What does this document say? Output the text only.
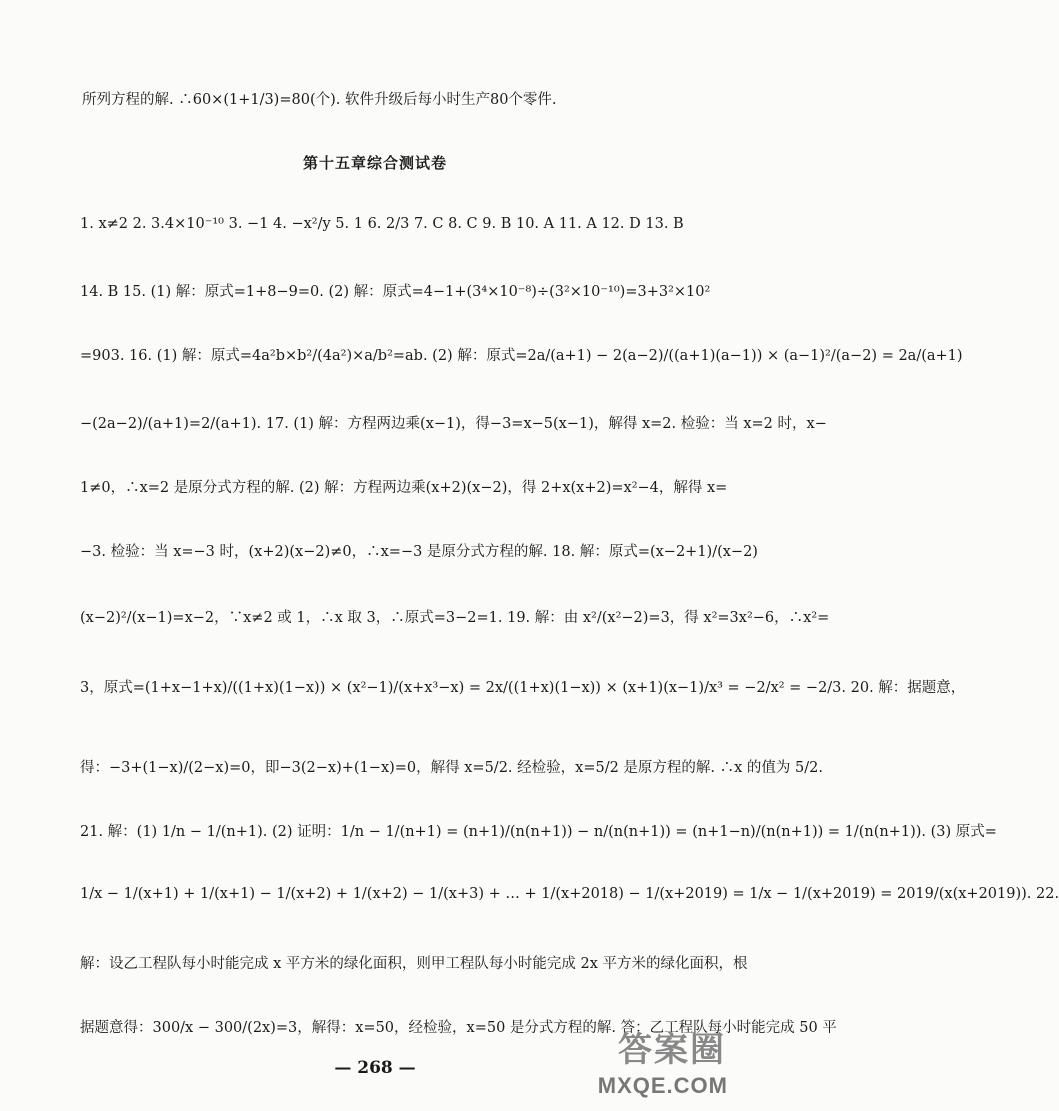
所列方程的解. ∴60×(1+1/3)=80(个). 软件升级后每小时生产80个零件.
第十五章综合测试卷
1. x≠2 2. 3.4×10⁻¹⁰ 3. −1 4. −x²/y 5. 1 6. 2/3 7. C 8. C 9. B 10. A 11. A 12. D 13. B
14. B 15. (1) 解：原式=1+8−9=0. (2) 解：原式=4−1+(3⁴×10⁻⁸)÷(3²×10⁻¹⁰)=3+3²×10²
=903. 16. (1) 解：原式=4a²b×b²/(4a²)×a/b²=ab. (2) 解：原式=2a/(a+1) − 2(a−2)/((a+1)(a−1)) × (a−1)²/(a−2) = 2a/(a+1)
−(2a−2)/(a+1)=2/(a+1). 17. (1) 解：方程两边乘(x−1)，得−3=x−5(x−1)，解得 x=2. 检验：当 x=2 时，x−
1≠0，∴x=2 是原分式方程的解. (2) 解：方程两边乘(x+2)(x−2)，得 2+x(x+2)=x²−4，解得 x=
−3. 检验：当 x=−3 时，(x+2)(x−2)≠0，∴x=−3 是原分式方程的解. 18. 解：原式=(x−2+1)/(x−2)
(x−2)²/(x−1)=x−2，∵x≠2 或 1，∴x 取 3，∴原式=3−2=1. 19. 解：由 x²/(x²−2)=3，得 x²=3x²−6，∴x²=
3，原式=(1+x−1+x)/((1+x)(1−x)) × (x²−1)/(x+x³−x) = 2x/((1+x)(1−x)) × (x+1)(x−1)/x³ = −2/x² = −2/3. 20. 解：据题意，
得：−3+(1−x)/(2−x)=0，即−3(2−x)+(1−x)=0，解得 x=5/2. 经检验，x=5/2 是原方程的解. ∴x 的值为 5/2.
21. 解：(1) 1/n − 1/(n+1). (2) 证明：1/n − 1/(n+1) = (n+1)/(n(n+1)) − n/(n(n+1)) = (n+1−n)/(n(n+1)) = 1/(n(n+1)). (3) 原式=
1/x − 1/(x+1) + 1/(x+1) − 1/(x+2) + 1/(x+2) − 1/(x+3) + … + 1/(x+2018) − 1/(x+2019) = 1/x − 1/(x+2019) = 2019/(x(x+2019)). 22.
解：设乙工程队每小时能完成 x 平方米的绿化面积，则甲工程队每小时能完成 2x 平方米的绿化面积，根
据题意得：300/x − 300/(2x)=3，解得：x=50，经检验，x=50 是分式方程的解. 答：乙工程队每小时能完成 50 平
— 268 —	答案圈
MXQE.COM
